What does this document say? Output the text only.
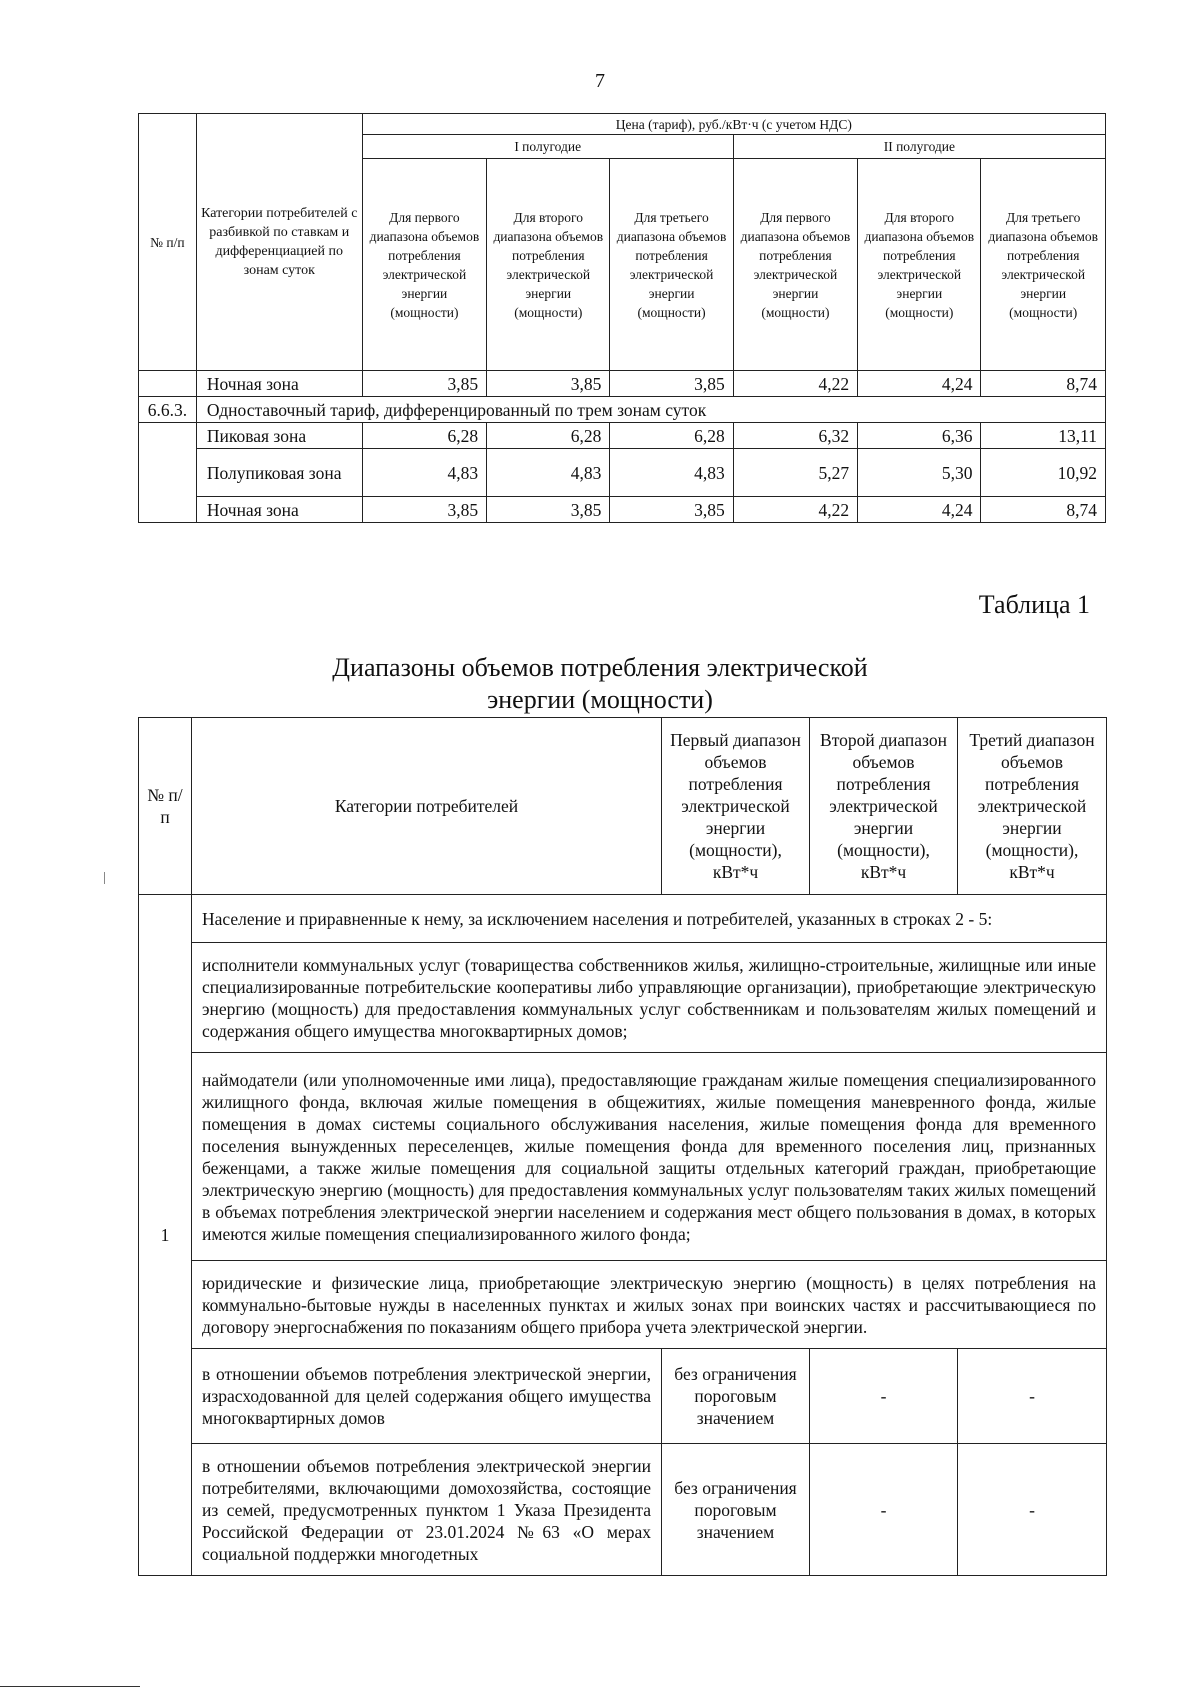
7
№ п/п	Категории потребителей с разбивкой по ставкам и дифференциацией по зонам суток	Цена (тариф), руб./кВт·ч (с учетом НДС)					
		I полугодие			II полугодие		
		Для первого диапазона объемов потребления электрической энергии (мощности)	Для второго диапазона объемов потребления электрической энергии (мощности)	Для третьего диапазона объемов потребления электрической энергии (мощности)	Для первого диапазона объемов потребления электрической энергии (мощности)	Для второго диапазона объемов потребления электрической энергии (мощности)	Для третьего диапазона объемов потребления электрической энергии (мощности)
	Ночная зона	3,85	3,85	3,85	4,22	4,24	8,74
6.6.3.	Одноставочный тариф, дифференцированный по трем зонам суток						
	Пиковая зона	6,28	6,28	6,28	6,32	6,36	13,11
	Полупиковая зона	4,83	4,83	4,83	5,27	5,30	10,92
	Ночная зона	3,85	3,85	3,85	4,22	4,24	8,74
Таблица 1
Диапазоны объемов потребления электрической
энергии (мощности)
№ п/п	Категории потребителей	Первый диапазон объемов потребления электрической энергии (мощности), кВт*ч	Второй диапазон объемов потребления электрической энергии (мощности), кВт*ч	Третий диапазон объемов потребления электрической энергии (мощности), кВт*ч
1	Население и приравненные к нему, за исключением населения и потребителей, указанных в строках 2 - 5:			
	исполнители коммунальных услуг (товарищества собственников жилья, жилищно-строительные, жилищные или иные специализированные потребительские кооперативы либо управляющие организации), приобретающие электрическую энергию (мощность) для предоставления коммунальных услуг собственникам и пользователям жилых помещений и содержания общего имущества многоквартирных домов;			
	наймодатели (или уполномоченные ими лица), предоставляющие гражданам жилые помещения специализированного жилищного фонда, включая жилые помещения в общежитиях, жилые помещения маневренного фонда, жилые помещения в домах системы социального обслуживания населения, жилые помещения фонда для временного поселения вынужденных переселенцев, жилые помещения фонда для временного поселения лиц, признанных беженцами, а также жилые помещения для социальной защиты отдельных категорий граждан, приобретающие электрическую энергию (мощность) для предоставления коммунальных услуг пользователям таких жилых помещений в объемах потребления электрической энергии населением и содержания мест общего пользования в домах, в которых имеются жилые помещения специализированного жилого фонда;			
	юридические и физические лица, приобретающие электрическую энергию (мощность) в целях потребления на коммунально-бытовые нужды в населенных пунктах и жилых зонах при воинских частях и рассчитывающиеся по договору энергоснабжения по показаниям общего прибора учета электрической энергии.			
	в отношении объемов потребления электрической энергии, израсходованной для целей содержания общего имущества многоквартирных домов	без ограничения пороговым значением	-	-
	в отношении объемов потребления электрической энергии потребителями, включающими домохозяйства, состоящие из семей, предусмотренных пунктом 1 Указа Президента Российской Федерации от 23.01.2024 №63 «О мерах социальной поддержки многодетных	без ограничения пороговым значением	-	-
